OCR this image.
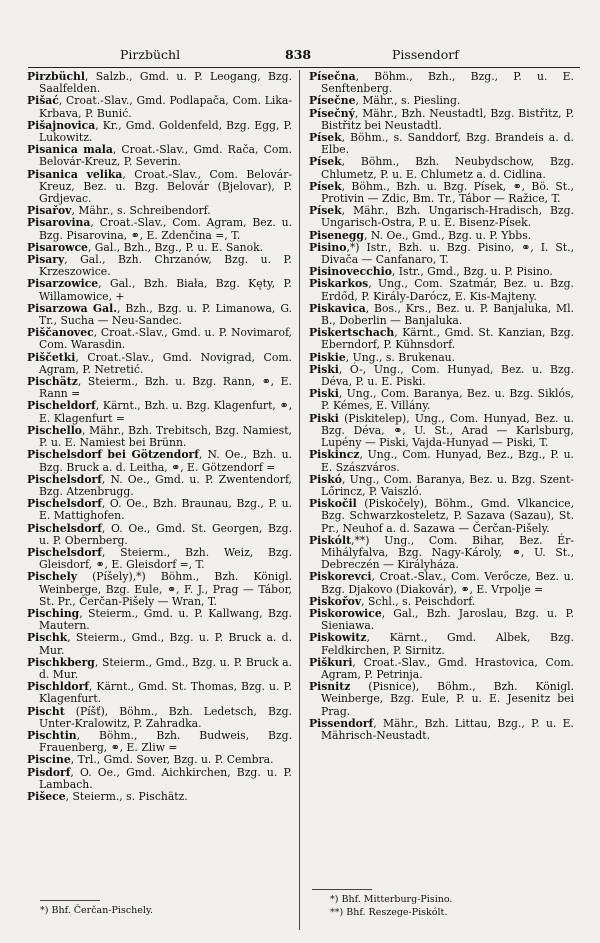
Pirzbüchl	838	Pissendorf

Pirzbüchl, Salzb., Gmd. u. P. Leogang, Bzg. Saalfelden.

Pišać, Croat.-Slav., Gmd. Podlapača, Com. Lika-Krbava, P. Bunić.

Pišajnovica, Kr., Gmd. Goldenfeld, Bzg. Egg, P. Lukowitz.

Pisanica mala, Croat.-Slav., Gmd. Rača, Com. Belovár-Kreuz, P. Severin.

Pisanica velika, Croat.-Slav., Com. Belovár-Kreuz, Bez. u. Bzg. Belovár (Bjelovar), P. Grdjevac.

Pisařov, Mähr., s. Schreibendorf.

Pisarovina, Croat.-Slav., Com. Agram, Bez. u. Bzg. Pisarovina, ⚭, E. Zdenčina =, T.

Pisarowce, Gal., Bzh., Bzg., P. u. E. Sanok.

Pisary, Gal., Bzh. Chrzanów, Bzg. u. P. Krzeszowice.

Pisarzowice, Gal., Bzh. Biała, Bzg. Kęty, P. Willamowice, +

Pisarzowa Gal., Bzh., Bzg. u. P. Limanowa, G. Tr., Sucha — Neu-Sandec.

Piščanovec, Croat.-Slav., Gmd. u. P. Novimarof, Com. Warasdin.

Piščetki, Croat.-Slav., Gmd. Novigrad, Com. Agram, P. Netretić.

Pischätz, Steierm., Bzh. u. Bzg. Rann, ⚭, E. Rann =

Pischeldorf, Kärnt., Bzh. u. Bzg. Klagenfurt, ⚭, E. Klagenfurt =

Pischello, Mähr., Bzh. Trebitsch, Bzg. Namiest, P. u. E. Namiest bei Brünn.

Pischelsdorf bei Götzendorf, N. Oe., Bzh. u. Bzg. Bruck a. d. Leitha, ⚭, E. Götzendorf =

Pischelsdorf, N. Oe., Gmd. u. P. Zwentendorf, Bzg. Atzenbrugg.

Pischelsdorf, O. Oe., Bzh. Braunau, Bzg., P. u. E. Mattighofen.

Pischelsdorf, O. Oe., Gmd. St. Georgen, Bzg. u. P. Obernberg.

Pischelsdorf, Steierm., Bzh. Weiz, Bzg. Gleisdorf, ⚭, E. Gleisdorf =, T.

Pischely (Píšely),*) Böhm., Bzh. Königl. Weinberge, Bzg. Eule, ⚭, F. J., Prag — Tábor, St. Pr., Čerčan-Pišely — Wran, T.

Pisching, Steierm., Gmd. u. P. Kallwang, Bzg. Mautern.

Pischk, Steierm., Gmd., Bzg. u. P. Bruck a. d. Mur.

Pischkberg, Steierm., Gmd., Bzg. u. P. Bruck a. d. Mur.

Pischldorf, Kärnt., Gmd. St. Thomas, Bzg. u. P. Klagenfurt.

Pischt (Píšť), Böhm., Bzh. Ledetsch, Bzg. Unter-Kralowitz, P. Zahradka.

Pischtin, Böhm., Bzh. Budweis, Bzg. Frauenberg, ⚭, E. Zliw =

Piscine, Trl., Gmd. Sover, Bzg. u. P. Cembra.

Pisdorf, O. Oe., Gmd. Aichkirchen, Bzg. u. P. Lambach.

Pišece, Steierm., s. Pischätz.

Písečna, Böhm., Bzh., Bzg., P. u. E. Senftenberg.

Písečne, Mähr., s. Piesling.

Písečný, Mähr., Bzh. Neustadtl, Bzg. Bistřitz, P. Bistřitz bei Neustadtl.

Písek, Böhm., s. Sanddorf, Bzg. Brandeis a. d. Elbe.

Písek, Böhm., Bzh. Neubydschow, Bzg. Chlumetz, P. u. E. Chlumetz a. d. Cidlina.

Písek, Böhm., Bzh. u. Bzg. Písek, ⚭, Bö. St., Protivin — Zdic, Bm. Tr., Tábor — Ražice, T.

Písek, Mähr., Bzh. Ungarisch-Hradisch, Bzg. Ungarisch-Ostra, P. u. E. Bisenz-Písek.

Pisenegg, N. Oe., Gmd., Bzg. u. P. Ybbs.

Pisino,*) Istr., Bzh. u. Bzg. Pisino, ⚭, I. St., Divača — Canfanaro, T.

Pisinovecchio, Istr., Gmd., Bzg. u. P. Pisino.

Piskarkos, Ung., Com. Szatmár, Bez. u. Bzg. Erdőd, P. Király-Darócz, E. Kis-Majteny.

Piskavica, Bos., Krs., Bez. u. P. Banjaluka, Ml. B., Doberlin — Banjaluka.

Piskertschach, Kärnt., Gmd. St. Kanzian, Bzg. Eberndorf, P. Kühnsdorf.

Piskie, Ung., s. Brukenau.

Piski, Ó-, Ung., Com. Hunyad, Bez. u. Bzg. Déva, P. u. E. Piski.

Piski, Ung., Com. Baranya, Bez. u. Bzg. Siklós, P. Kémes, E. Villány.

Piski (Piskitelep), Ung., Com. Hunyad, Bez. u. Bzg. Déva, ⚭, U. St., Arad — Karlsburg, Lupény — Piski, Vajda-Hunyad — Piski, T.

Piskincz, Ung., Com. Hunyad, Bez., Bzg., P. u. E. Szászváros.

Piskó, Ung., Com. Baranya, Bez. u. Bzg. Szent-Lőrincz, P. Vaiszló.

Piskočil (Piskočely), Böhm., Gmd. Vlkancice, Bzg. Schwarzkosteletz, P. Sazava (Sazau), St. Pr., Neuhof a. d. Sazawa — Čerčan-Pišely.

Piskólt,**) Ung., Com. Bihar, Bez. Ér-Mihályfalva, Bzg. Nagy-Károly, ⚭, U. St., Debreczén — Királyháza.

Piskorevci, Croat.-Slav., Com. Verőcze, Bez. u. Bzg. Djakovo (Diakovár), ⚭, E. Vrpolje =

Piskořov, Schl., s. Peischdorf.

Piskorowice, Gal., Bzh. Jaroslau, Bzg. u. P. Sieniawa.

Piskowitz, Kärnt., Gmd. Albek, Bzg. Feldkirchen, P. Sirnitz.

Piškuri, Croat.-Slav., Gmd. Hrastovica, Com. Agram, P. Petrinja.

Pisnitz (Pisnice), Böhm., Bzh. Königl. Weinberge, Bzg. Eule, P. u. E. Jesenitz bei Prag.

Pissendorf, Mähr., Bzh. Littau, Bzg., P. u. E. Mährisch-Neustadt.

*) Bhf. Čerčan-Pischely.
*) Bhf. Mitterburg-Pisino.
**) Bhf. Reszege-Piskólt.
